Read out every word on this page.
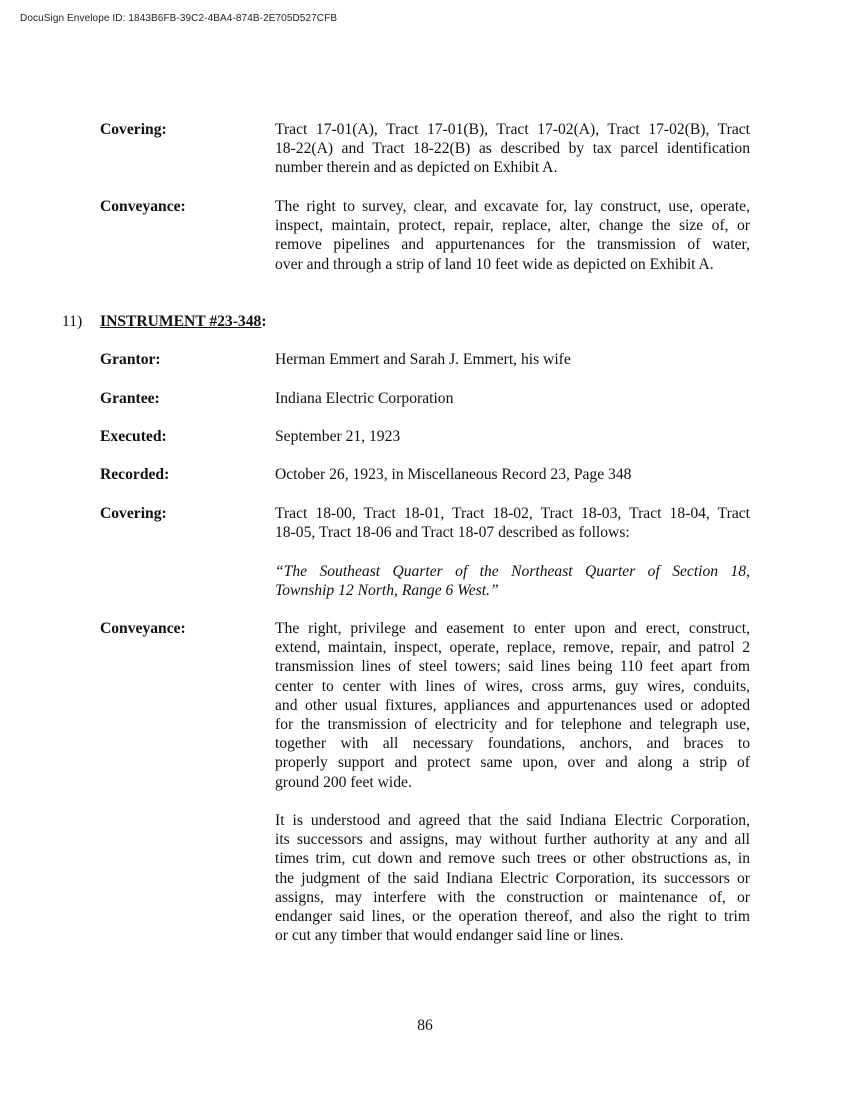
DocuSign Envelope ID: 1843B6FB-39C2-4BA4-874B-2E705D527CFB
Covering:	Tract 17-01(A), Tract 17-01(B), Tract 17-02(A), Tract 17-02(B), Tract
18-22(A) and Tract 18-22(B) as described by tax parcel identification
number therein and as depicted on Exhibit A.
Conveyance:	The right to survey, clear, and excavate for, lay construct, use, operate,
inspect, maintain, protect, repair, replace, alter, change the size of, or
remove pipelines and appurtenances for the transmission of water,
over and through a strip of land 10 feet wide as depicted on Exhibit A.
11) INSTRUMENT #23-348:
Grantor:	Herman Emmert and Sarah J. Emmert, his wife
Grantee:	Indiana Electric Corporation
Executed:	September 21, 1923
Recorded:	October 26, 1923, in Miscellaneous Record 23, Page 348
Covering:	Tract 18-00, Tract 18-01, Tract 18-02, Tract 18-03, Tract 18-04, Tract
18-05, Tract 18-06 and Tract 18-07 described as follows:
“The Southeast Quarter of the Northeast Quarter of Section 18,
Township 12 North, Range 6 West.”
Conveyance:	The right, privilege and easement to enter upon and erect, construct,
extend, maintain, inspect, operate, replace, remove, repair, and patrol 2
transmission lines of steel towers; said lines being 110 feet apart from
center to center with lines of wires, cross arms, guy wires, conduits,
and other usual fixtures, appliances and appurtenances used or adopted
for the transmission of electricity and for telephone and telegraph use,
together with all necessary foundations, anchors, and braces to
properly support and protect same upon, over and along a strip of
ground 200 feet wide.
It is understood and agreed that the said Indiana Electric Corporation,
its successors and assigns, may without further authority at any and all
times trim, cut down and remove such trees or other obstructions as, in
the judgment of the said Indiana Electric Corporation, its successors or
assigns, may interfere with the construction or maintenance of, or
endanger said lines, or the operation thereof, and also the right to trim
or cut any timber that would endanger said line or lines.
86
